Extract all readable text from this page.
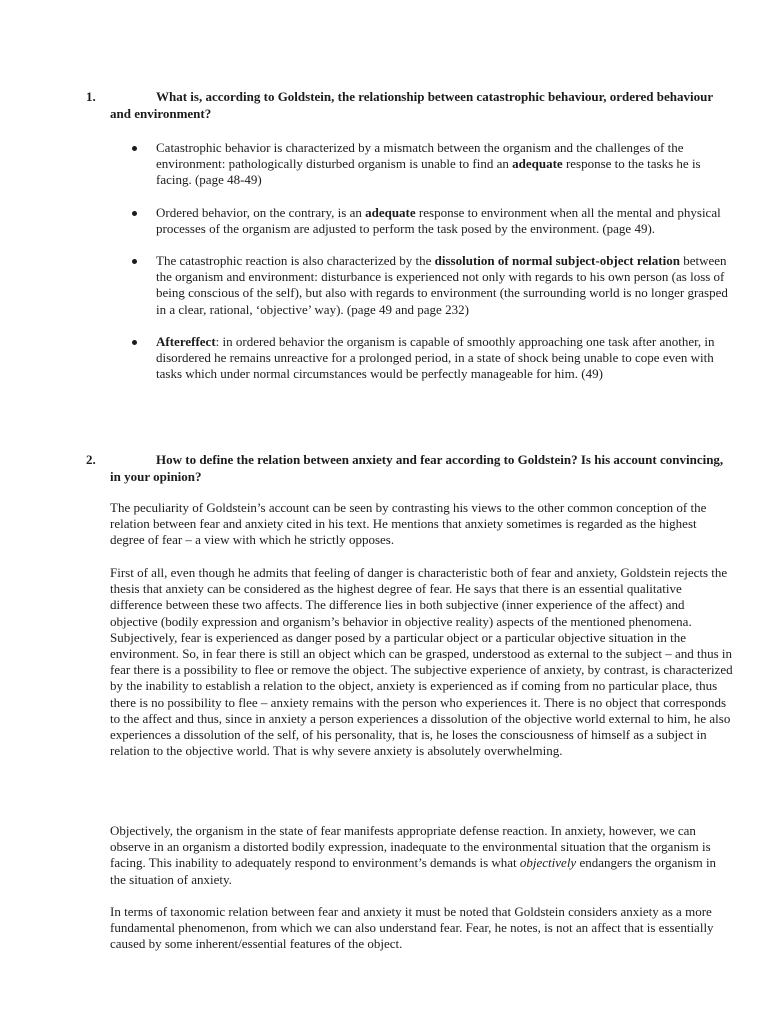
1.	What is, according to Goldstein, the relationship between catastrophic behaviour, ordered behaviour and environment?
Catastrophic behavior is characterized by a mismatch between the organism and the challenges of the environment: pathologically disturbed organism is unable to find an adequate response to the tasks he is facing. (page 48-49)
Ordered behavior, on the contrary, is an adequate response to environment when all the mental and physical processes of the organism are adjusted to perform the task posed by the environment. (page 49).
The catastrophic reaction is also characterized by the dissolution of normal subject-object relation between the organism and environment: disturbance is experienced not only with regards to his own person (as loss of being conscious of the self), but also with regards to environment (the surrounding world is no longer grasped in a clear, rational, ‘objective’ way). (page 49 and page 232)
Aftereffect: in ordered behavior the organism is capable of smoothly approaching one task after another, in disordered he remains unreactive for a prolonged period, in a state of shock being unable to cope even with tasks which under normal circumstances would be perfectly manageable for him. (49)
2.	How to define the relation between anxiety and fear according to Goldstein? Is his account convincing, in your opinion?

The peculiarity of Goldstein’s account can be seen by contrasting his views to the other common conception of the relation between fear and anxiety cited in his text. He mentions that anxiety sometimes is regarded as the highest degree of fear – a view with which he strictly opposes.

First of all, even though he admits that feeling of danger is characteristic both of fear and anxiety, Goldstein rejects the thesis that anxiety can be considered as the highest degree of fear. He says that there is an essential qualitative difference between these two affects. The difference lies in both subjective (inner experience of the affect) and objective (bodily expression and organism’s behavior in objective reality) aspects of the mentioned phenomena. Subjectively, fear is experienced as danger posed by a particular object or a particular objective situation in the environment. So, in fear there is still an object which can be grasped, understood as external to the subject – and thus in fear there is a possibility to flee or remove the object. The subjective experience of anxiety, by contrast, is characterized by the inability to establish a relation to the object, anxiety is experienced as if coming from no particular place, thus there is no possibility to flee – anxiety remains with the person who experiences it. There is no object that corresponds to the affect and thus, since in anxiety a person experiences a dissolution of the objective world external to him, he also experiences a dissolution of the self, of his personality, that is, he loses the consciousness of himself as a subject in relation to the objective world. That is why severe anxiety is absolutely overwhelming.

Objectively, the organism in the state of fear manifests appropriate defense reaction. In anxiety, however, we can observe in an organism a distorted bodily expression, inadequate to the environmental situation that the organism is facing. This inability to adequately respond to environment’s demands is what objectively endangers the organism in the situation of anxiety.

In terms of taxonomic relation between fear and anxiety it must be noted that Goldstein considers anxiety as a more fundamental phenomenon, from which we can also understand fear. Fear, he notes, is not an affect that is essentially caused by some inherent/essential features of the object.
